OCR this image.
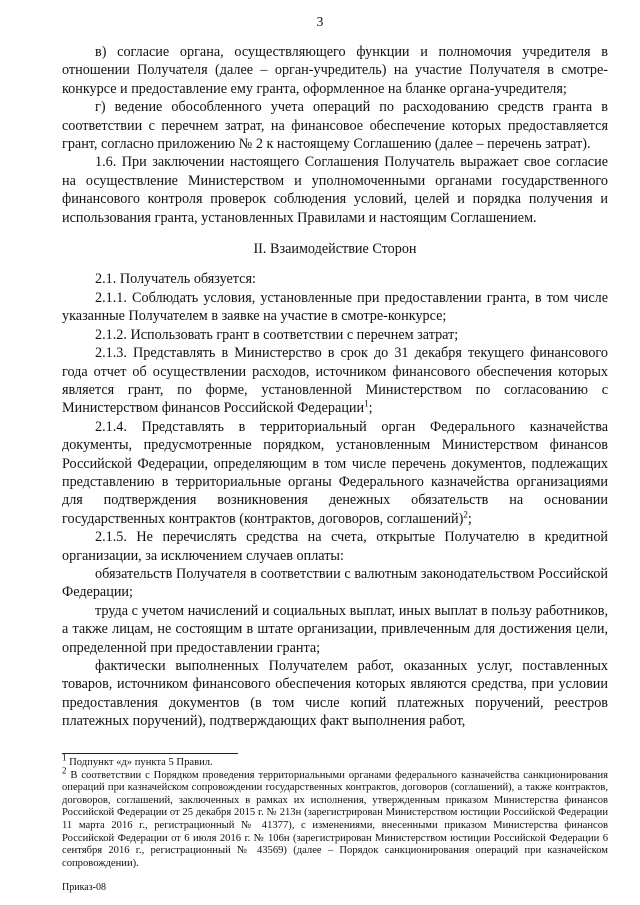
3

в) согласие органа, осуществляющего функции и полномочия учредителя в отношении Получателя (далее – орган-учредитель) на участие Получателя в смотре-конкурсе и предоставление ему гранта, оформленное на бланке органа-учредителя;

г) ведение обособленного учета операций по расходованию средств гранта в соответствии с перечнем затрат, на финансовое обеспечение которых предоставляется грант, согласно приложению № 2 к настоящему Соглашению (далее – перечень затрат).

1.6. При заключении настоящего Соглашения Получатель выражает свое согласие на осуществление Министерством и уполномоченными органами государственного финансового контроля проверок соблюдения условий, целей и порядка получения и использования гранта, установленных Правилами и настоящим Соглашением.

II. Взаимодействие Сторон

2.1. Получатель обязуется:

2.1.1. Соблюдать условия, установленные при предоставлении гранта, в том числе указанные Получателем в заявке на участие в смотре-конкурсе;

2.1.2. Использовать грант в соответствии с перечнем затрат;

2.1.3. Представлять в Министерство в срок до 31 декабря текущего финансового года отчет об осуществлении расходов, источником финансового обеспечения которых является грант, по форме, установленной Министерством по согласованию с Министерством финансов Российской Федерации$^1$;

2.1.4. Представлять в территориальный орган Федерального казначейства документы, предусмотренные порядком, установленным Министерством финансов Российской Федерации, определяющим в том числе перечень документов, подлежащих представлению в территориальные органы Федерального казначейства организациями для подтверждения возникновения денежных обязательств на основании государственных контрактов (контрактов, договоров, соглашений)$^2$;

2.1.5. Не перечислять средства на счета, открытые Получателю в кредитной организации, за исключением случаев оплаты:

обязательств Получателя в соответствии с валютным законодательством Российской Федерации;

труда с учетом начислений и социальных выплат, иных выплат в пользу работников, а также лицам, не состоящим в штате организации, привлеченным для достижения цели, определенной при предоставлении гранта;

фактически выполненных Получателем работ, оказанных услуг, поставленных товаров, источником финансового обеспечения которых являются средства, при условии предоставления документов (в том числе копий платежных поручений, реестров платежных поручений), подтверждающих факт выполнения работ,

$^1$ Подпункт «д» пункта 5 Правил.

$^2$ В соответствии с Порядком проведения территориальными органами федерального казначейства санкционирования операций при казначейском сопровождении государственных контрактов, договоров (соглашений), а также контрактов, договоров, соглашений, заключенных в рамках их исполнения, утвержденным приказом Министерства финансов Российской Федерации от 25 декабря 2015 г. № 213н (зарегистрирован Министерством юстиции Российской Федерации 11 марта 2016 г., регистрационный № 41377), с изменениями, внесенными приказом Министерства финансов Российской Федерации от 6 июля 2016 г. № 106н (зарегистрирован Министерством юстиции Российской Федерации 6 сентября 2016 г., регистрационный № 43569) (далее – Порядок санкционирования операций при казначейском сопровождении).

Приказ-08
